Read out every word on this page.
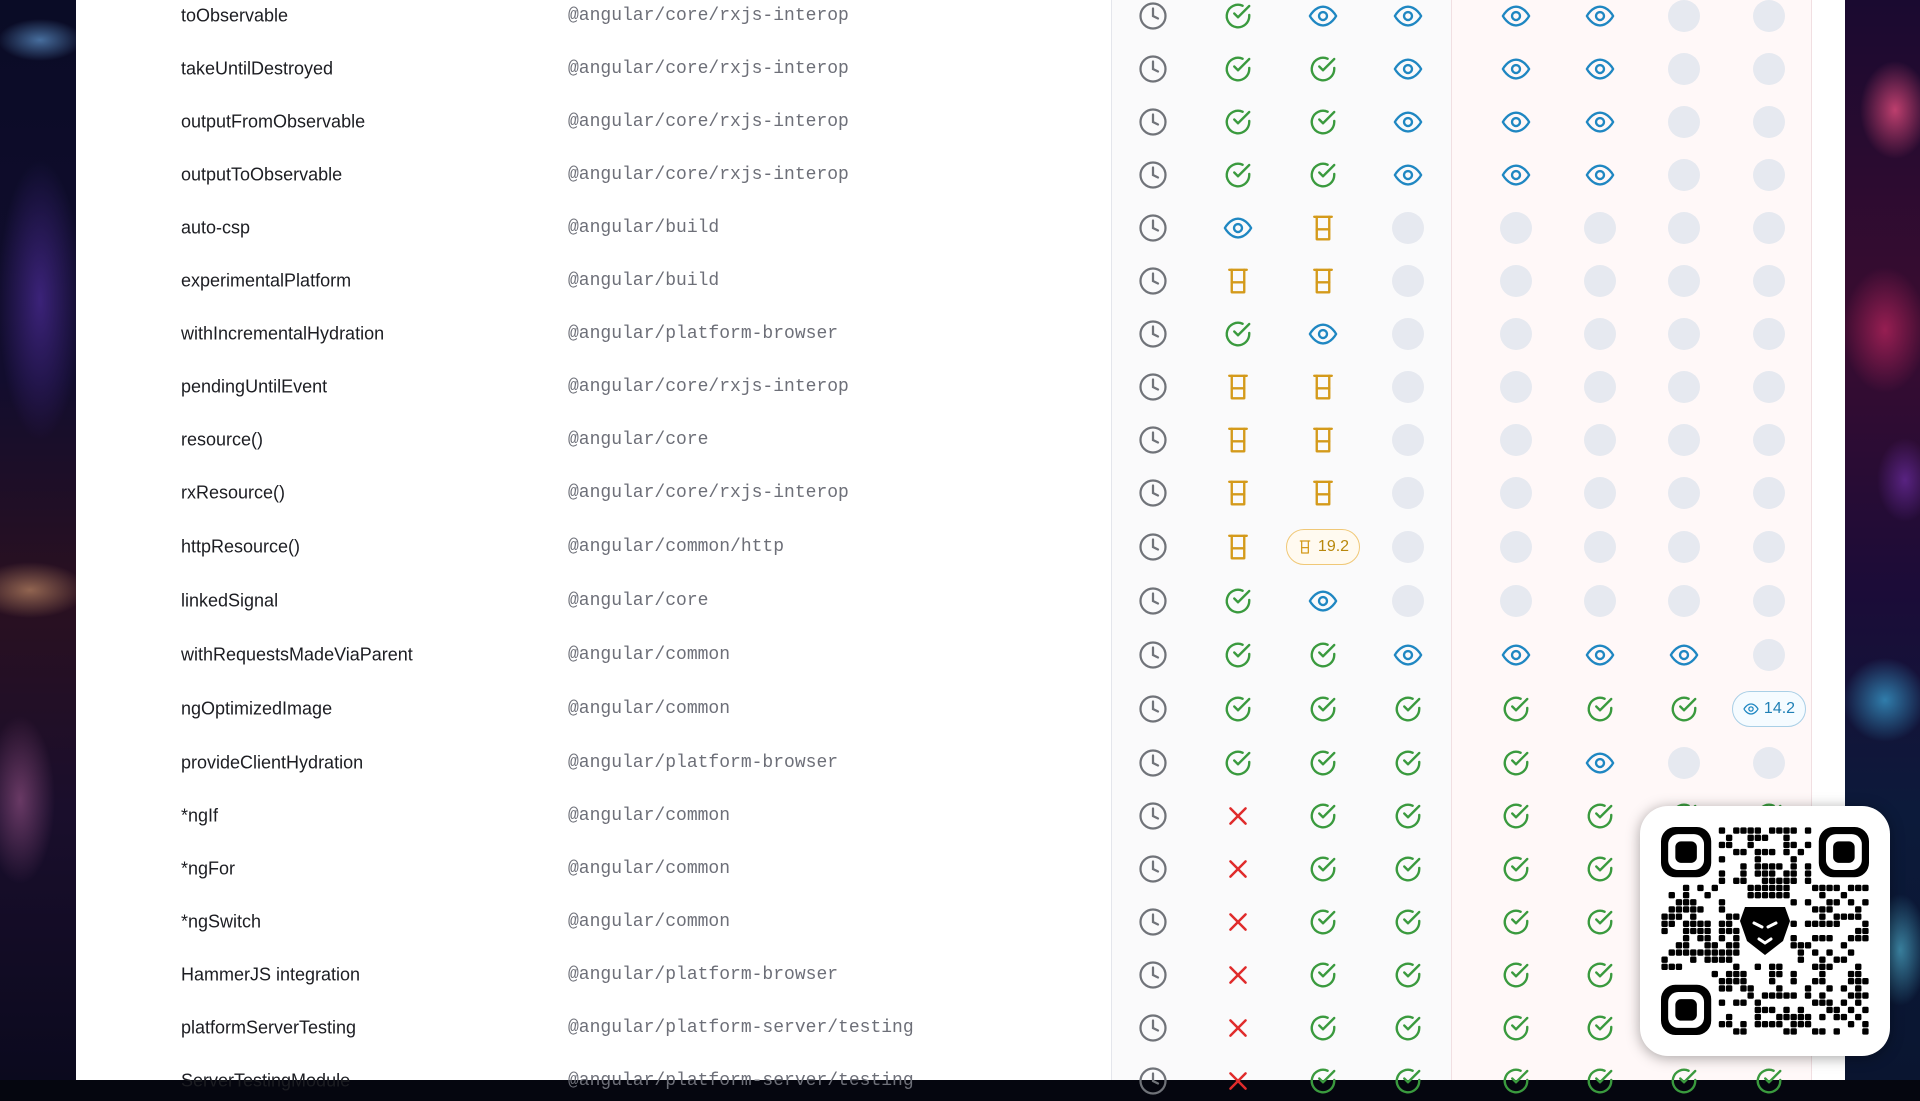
toObservable	@angular/core/rxjs-interop
takeUntilDestroyed	@angular/core/rxjs-interop
outputFromObservable	@angular/core/rxjs-interop
outputToObservable	@angular/core/rxjs-interop
auto-csp	@angular/build
experimentalPlatform	@angular/build
withIncrementalHydration	@angular/platform-browser
pendingUntilEvent	@angular/core/rxjs-interop
resource()	@angular/core
rxResource()	@angular/core/rxjs-interop
httpResource()	@angular/common/http	19.2
linkedSignal	@angular/core
withRequestsMadeViaParent	@angular/common
ngOptimizedImage	@angular/common	14.2
provideClientHydration	@angular/platform-browser
*ngIf	@angular/common
*ngFor	@angular/common
*ngSwitch	@angular/common
HammerJS integration	@angular/platform-browser
platformServerTesting	@angular/platform-server/testing
ServerTestingModule	@angular/platform-server/testing
